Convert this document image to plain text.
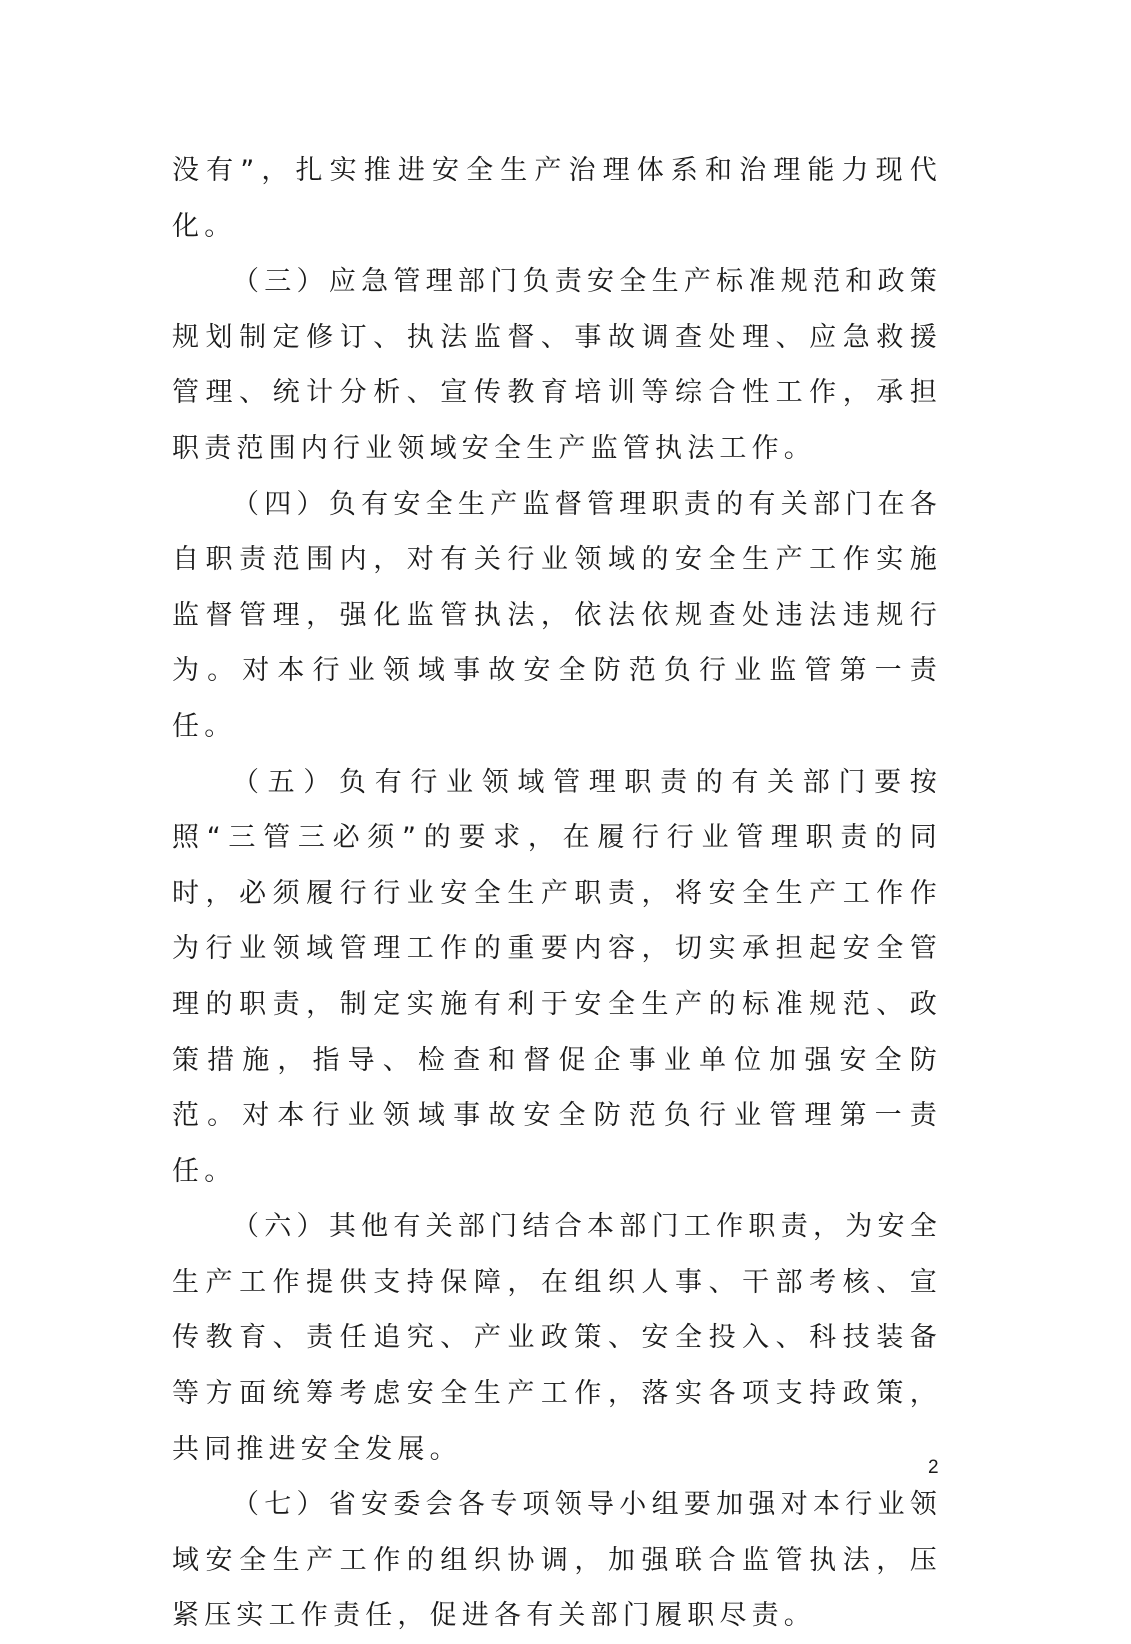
没有”，扎实推进安全生产治理体系和治理能力现代化。

（三）应急管理部门负责安全生产标准规范和政策规划制定修订、执法监督、事故调查处理、应急救援管理、统计分析、宣传教育培训等综合性工作，承担职责范围内行业领域安全生产监管执法工作。

（四）负有安全生产监督管理职责的有关部门在各自职责范围内，对有关行业领域的安全生产工作实施监督管理，强化监管执法，依法依规查处违法违规行为。对本行业领域事故安全防范负行业监管第一责任。

（五）负有行业领域管理职责的有关部门要按照“三管三必须”的要求，在履行行业管理职责的同时，必须履行行业安全生产职责，将安全生产工作作为行业领域管理工作的重要内容，切实承担起安全管理的职责，制定实施有利于安全生产的标准规范、政策措施，指导、检查和督促企事业单位加强安全防范。对本行业领域事故安全防范负行业管理第一责任。

（六）其他有关部门结合本部门工作职责，为安全生产工作提供支持保障，在组织人事、干部考核、宣传教育、责任追究、产业政策、安全投入、科技装备等方面统筹考虑安全生产工作，落实各项支持政策，共同推进安全发展。

（七）省安委会各专项领导小组要加强对本行业领域安全生产工作的组织协调，加强联合监管执法，压紧压实工作责任，促进各有关部门履职尽责。

2
